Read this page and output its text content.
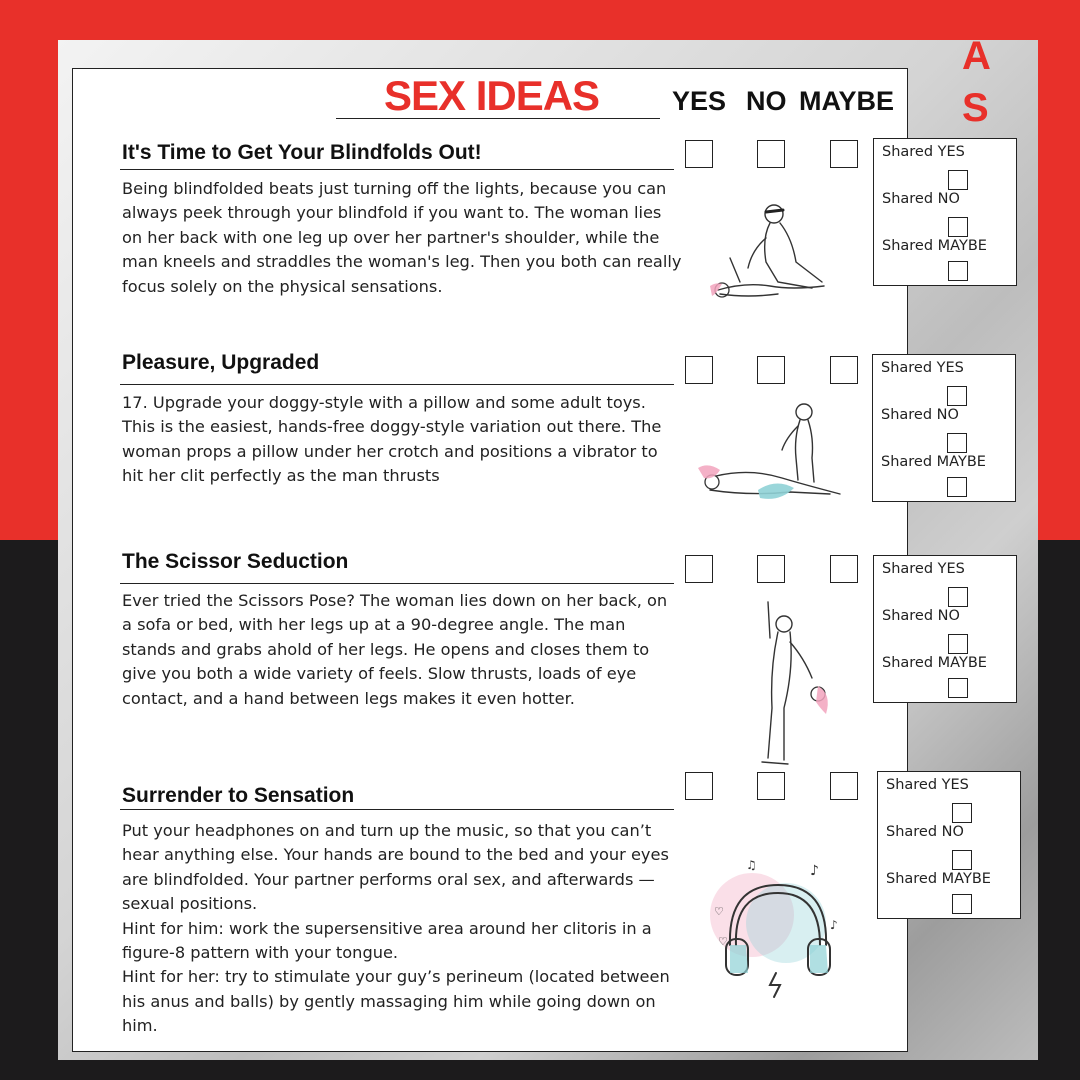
A
S
SEX IDEAS	YES NO MAYBE
It's Time to Get Your Blindfolds Out!

Being blindfolded beats just turning off the lights, because you can always peek through your blindfold if you want to. The woman lies on her back with one leg up over her partner's shoulder, while the man kneels and straddles the woman's leg. Then you both can really focus solely on the physical sensations.

Shared YES
Shared NO
Shared MAYBE
Pleasure, Upgraded

17. Upgrade your doggy-style with a pillow and some adult toys. This is the easiest, hands-free doggy-style variation out there. The woman props a pillow under her crotch and positions a vibrator to hit her clit perfectly as the man thrusts

Shared YES
Shared NO
Shared MAYBE
The Scissor Seduction

Ever tried the Scissors Pose? The woman lies down on her back, on a sofa or bed, with her legs up at a 90-degree angle. The man stands and grabs ahold of her legs. He opens and closes them to give you both a wide variety of feels. Slow thrusts, loads of eye contact, and a hand between legs makes it even hotter.

Shared YES
Shared NO
Shared MAYBE
Surrender to Sensation

Put your headphones on and turn up the music, so that you can’t hear anything else. Your hands are bound to the bed and your eyes are blindfolded. Your partner performs oral sex, and afterwards — sexual positions.

Hint for him: work the supersensitive area around her clitoris in a figure-8 pattern with your tongue.

Hint for her: try to stimulate your guy’s perineum (located between his anus and balls) by gently massaging him while going down on him.

Shared YES
Shared NO
Shared MAYBE
♪
♫
♪
♡
♡
